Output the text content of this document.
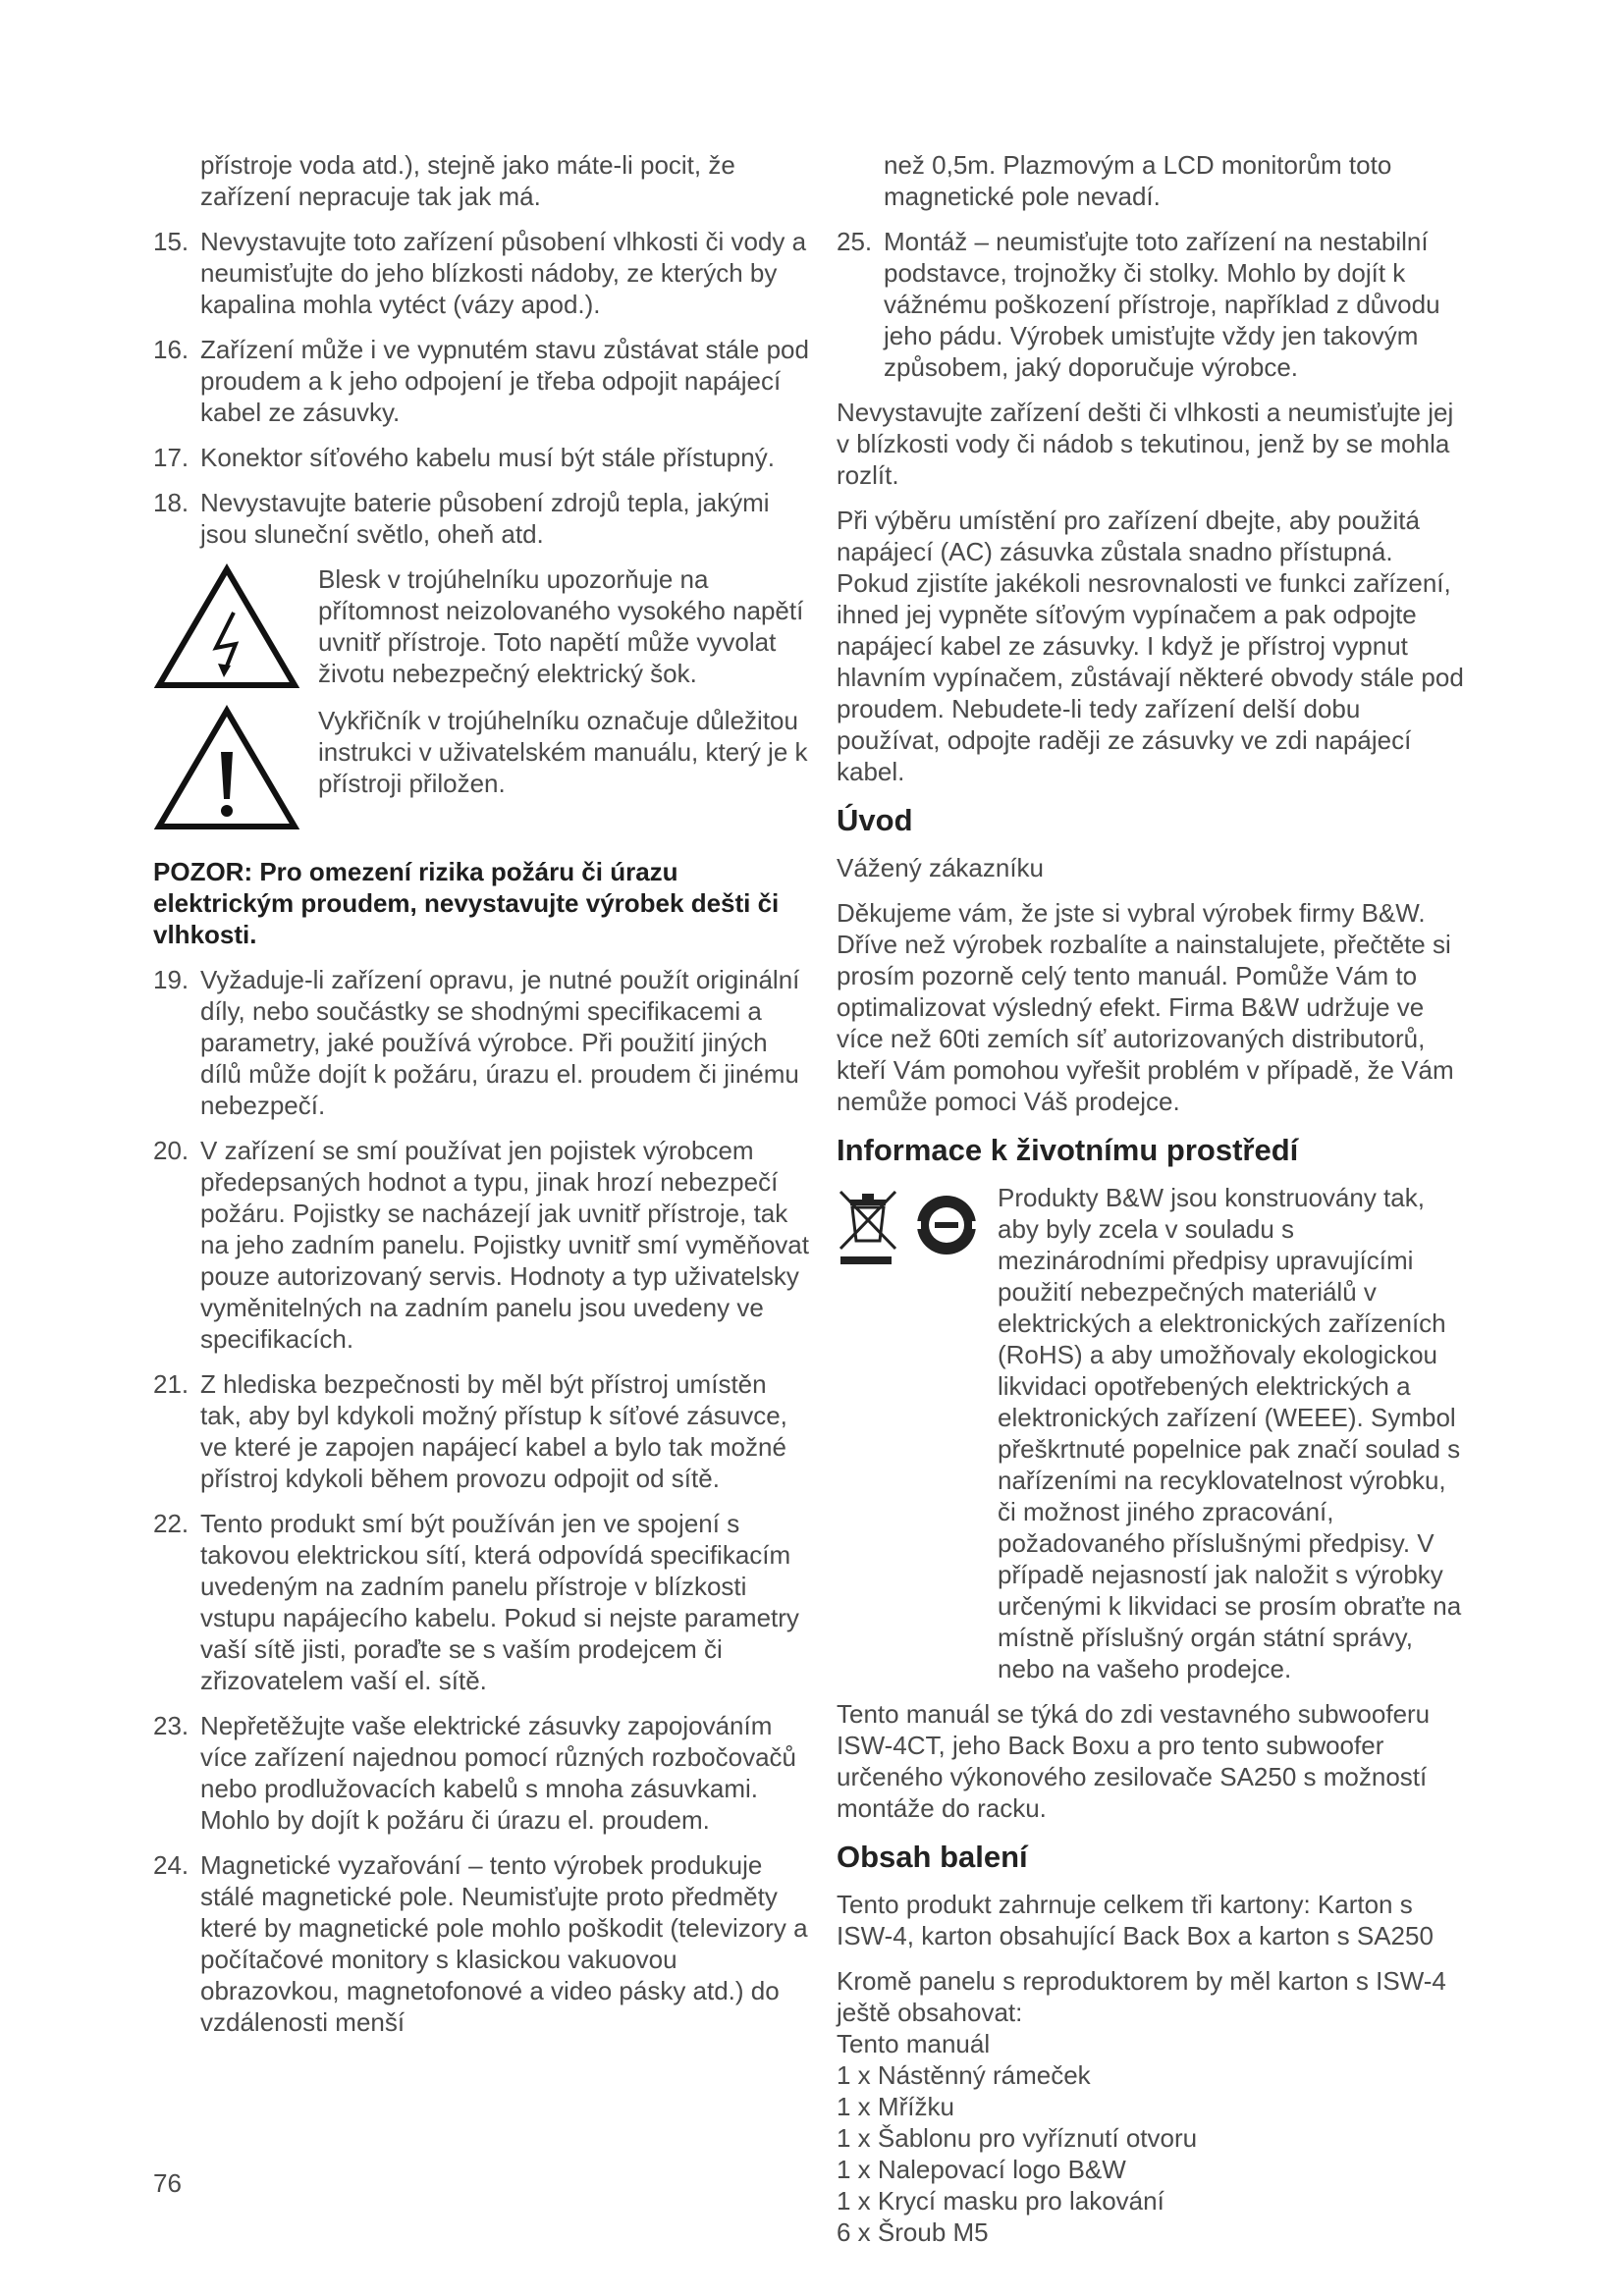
přístroje voda atd.), stejně jako máte-li pocit, že zařízení nepracuje tak jak má.

15. Nevystavujte toto zařízení působení vlhkosti či vody a neumisťujte do jeho blízkosti nádoby, ze kterých by kapalina mohla vytéct (vázy apod.).
16. Zařízení může i ve vypnutém stavu zůstávat stále pod proudem a k jeho odpojení je třeba odpojit napájecí kabel ze zásuvky.
17. Konektor síťového kabelu musí být stále přístupný.
18. Nevystavujte baterie působení zdrojů tepla, jakými jsou sluneční světlo, oheň atd.

Blesk v trojúhelníku upozorňuje na přítomnost neizolovaného vysokého napětí uvnitř přístroje. Toto napětí může vyvolat životu nebezpečný elektrický šok.

Vykřičník v trojúhelníku označuje důležitou instrukci v uživatelském manuálu, který je k přístroji přiložen.

POZOR: Pro omezení rizika požáru či úrazu elektrickým proudem, nevystavujte výrobek dešti či vlhkosti.

19. Vyžaduje-li zařízení opravu, je nutné použít originální díly, nebo součástky se shodnými specifikacemi a parametry, jaké používá výrobce. Při použití jiných dílů může dojít k požáru, úrazu el. proudem či jinému nebezpečí.
20. V zařízení se smí používat jen pojistek výrobcem předepsaných hodnot a typu, jinak hrozí nebezpečí požáru. Pojistky se nacházejí jak uvnitř přístroje, tak na jeho zadním panelu. Pojistky uvnitř smí vyměňovat pouze autorizovaný servis. Hodnoty a typ uživatelsky vyměnitelných na zadním panelu jsou uvedeny ve specifikacích.
21. Z hlediska bezpečnosti by měl být přístroj umístěn tak, aby byl kdykoli možný přístup k síťové zásuvce, ve které je zapojen napájecí kabel a bylo tak možné přístroj kdykoli během provozu odpojit od sítě.
22. Tento produkt smí být používán jen ve spojení s takovou elektrickou sítí, která odpovídá specifikacím uvedeným na zadním panelu přístroje v blízkosti vstupu napájecího kabelu. Pokud si nejste parametry vaší sítě jisti, poraďte se s vaším prodejcem či zřizovatelem vaší el. sítě.
23. Nepřetěžujte vaše elektrické zásuvky zapojováním více zařízení najednou pomocí různých rozbočovačů nebo prodlužovacích kabelů s mnoha zásuvkami. Mohlo by dojít k požáru či úrazu el. proudem.
24. Magnetické vyzařování – tento výrobek produkuje stálé magnetické pole. Neumisťujte proto předměty které by magnetické pole mohlo poškodit (televizory a počítačové monitory s klasickou vakuovou obrazovkou, magnetofonové a video pásky atd.) do vzdálenosti menší
76

než 0,5m. Plazmovým a LCD monitorům toto magnetické pole nevadí.

25. Montáž – neumisťujte toto zařízení na nestabilní podstavce, trojnožky či stolky. Mohlo by dojít k vážnému poškození přístroje, například z důvodu jeho pádu. Výrobek umisťujte vždy jen takovým způsobem, jaký doporučuje výrobce.

Nevystavujte zařízení dešti či vlhkosti a neumisťujte jej v blízkosti vody či nádob s tekutinou, jenž by se mohla rozlít.

Při výběru umístění pro zařízení dbejte, aby použitá napájecí (AC) zásuvka zůstala snadno přístupná. Pokud zjistíte jakékoli nesrovnalosti ve funkci zařízení, ihned jej vypněte síťovým vypínačem a pak odpojte napájecí kabel ze zásuvky. I když je přístroj vypnut hlavním vypínačem, zůstávají některé obvody stále pod proudem. Nebudete-li tedy zařízení delší dobu používat, odpojte raději ze zásuvky ve zdi napájecí kabel.

Úvod

Vážený zákazníku

Děkujeme vám, že jste si vybral výrobek firmy B&W. Dříve než výrobek rozbalíte a nainstalujete, přečtěte si prosím pozorně celý tento manuál. Pomůže Vám to optimalizovat výsledný efekt. Firma B&W udržuje ve více než 60ti zemích síť autorizovaných distributorů, kteří Vám pomohou vyřešit problém v případě, že Vám nemůže pomoci Váš prodejce.

Informace k životnímu prostředí

Produkty B&W jsou konstruovány tak, aby byly zcela v souladu s mezinárodními předpisy upravujícími použití nebezpečných materiálů v elektrických a elektronických zařízeních (RoHS) a aby umožňovaly ekologickou likvidaci opotřebených elektrických a elektronických zařízení (WEEE). Symbol přeškrtnuté popelnice pak značí soulad s nařízeními na recyklovatelnost výrobku, či možnost jiného zpracování, požadovaného příslušnými předpisy. V případě nejasností jak naložit s výrobky určenými k likvidaci se prosím obraťte na místně příslušný orgán státní správy, nebo na vašeho prodejce.

Tento manuál se týká do zdi vestavného subwooferu ISW-4CT, jeho Back Boxu a pro tento subwoofer určeného výkonového zesilovače SA250 s možností montáže do racku.

Obsah balení

Tento produkt zahrnuje celkem tři kartony: Karton s ISW-4, karton obsahující Back Box a karton s SA250

Kromě panelu s reproduktorem by měl karton s ISW-4 ještě obsahovat:

Tento manuál

1 x Nástěnný rámeček

1 x Mřížku

1 x Šablonu pro vyříznutí otvoru

1 x Nalepovací logo B&W

1 x Krycí masku pro lakování

6 x Šroub M5
